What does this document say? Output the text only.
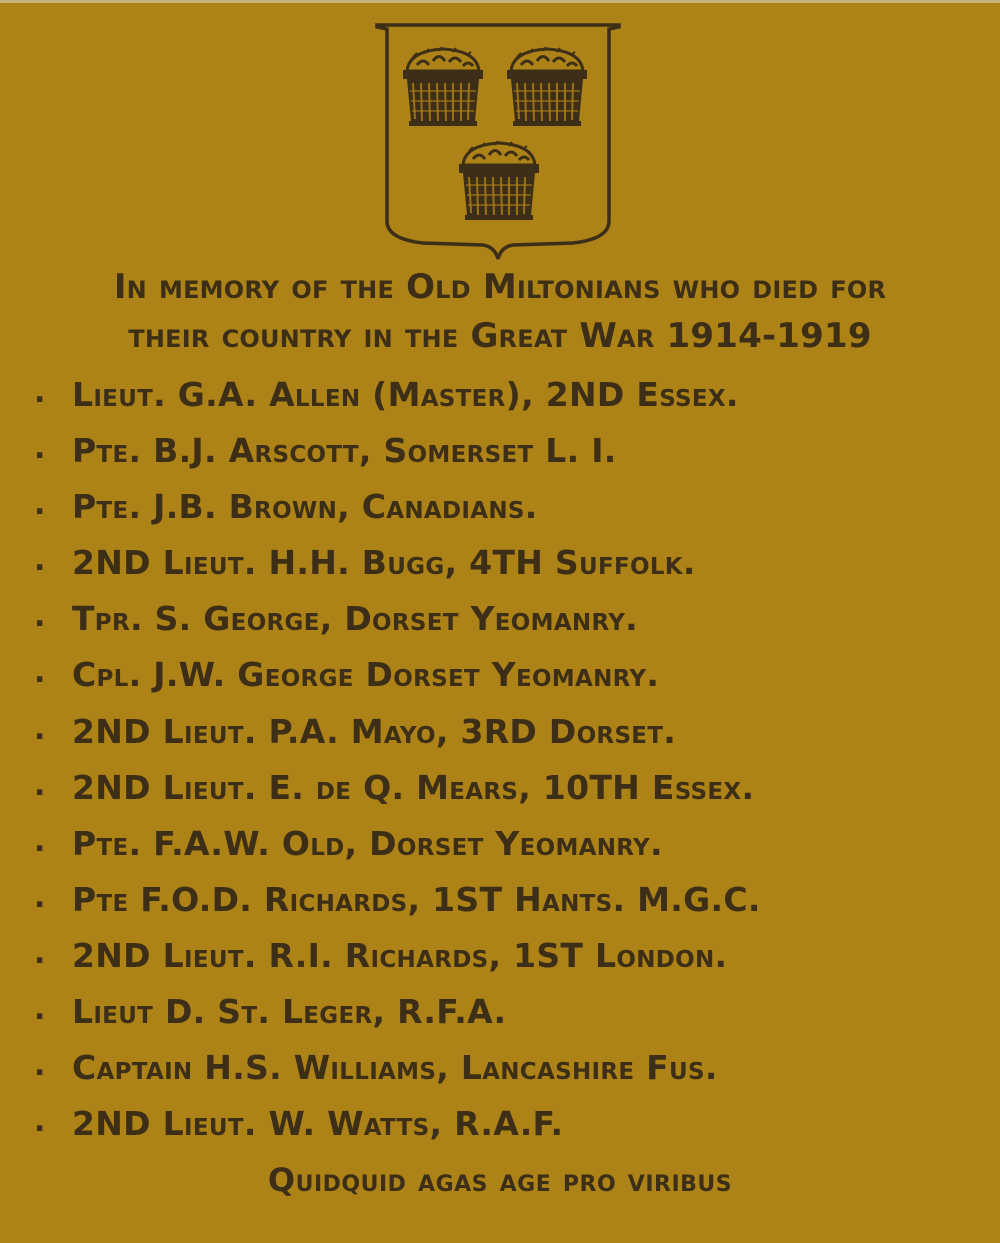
In memory of the Old Miltonians who died for
their country in the Great War 1914-1919
. Lieut. G.A. Allen (Master), 2ND Essex.
. Pte. B.J. Arscott, Somerset L. I.
. Pte. J.B. Brown, Canadians.
. 2ND Lieut. H.H. Bugg, 4TH Suffolk.
. Tpr. S. George, Dorset Yeomanry.
. Cpl. J.W. George Dorset Yeomanry.
. 2ND Lieut. P.A. Mayo, 3RD Dorset.
. 2ND Lieut. E. de Q. Mears, 10TH Essex.
. Pte. F.A.W. Old, Dorset Yeomanry.
. Pte F.O.D. Richards, 1ST Hants. M.G.C.
. 2ND Lieut. R.I. Richards, 1ST London.
. Lieut D. St. Leger, R.F.A.
. Captain H.S. Williams, Lancashire Fus.
. 2ND Lieut. W. Watts, R.A.F.
Quidquid agas age pro viribus
